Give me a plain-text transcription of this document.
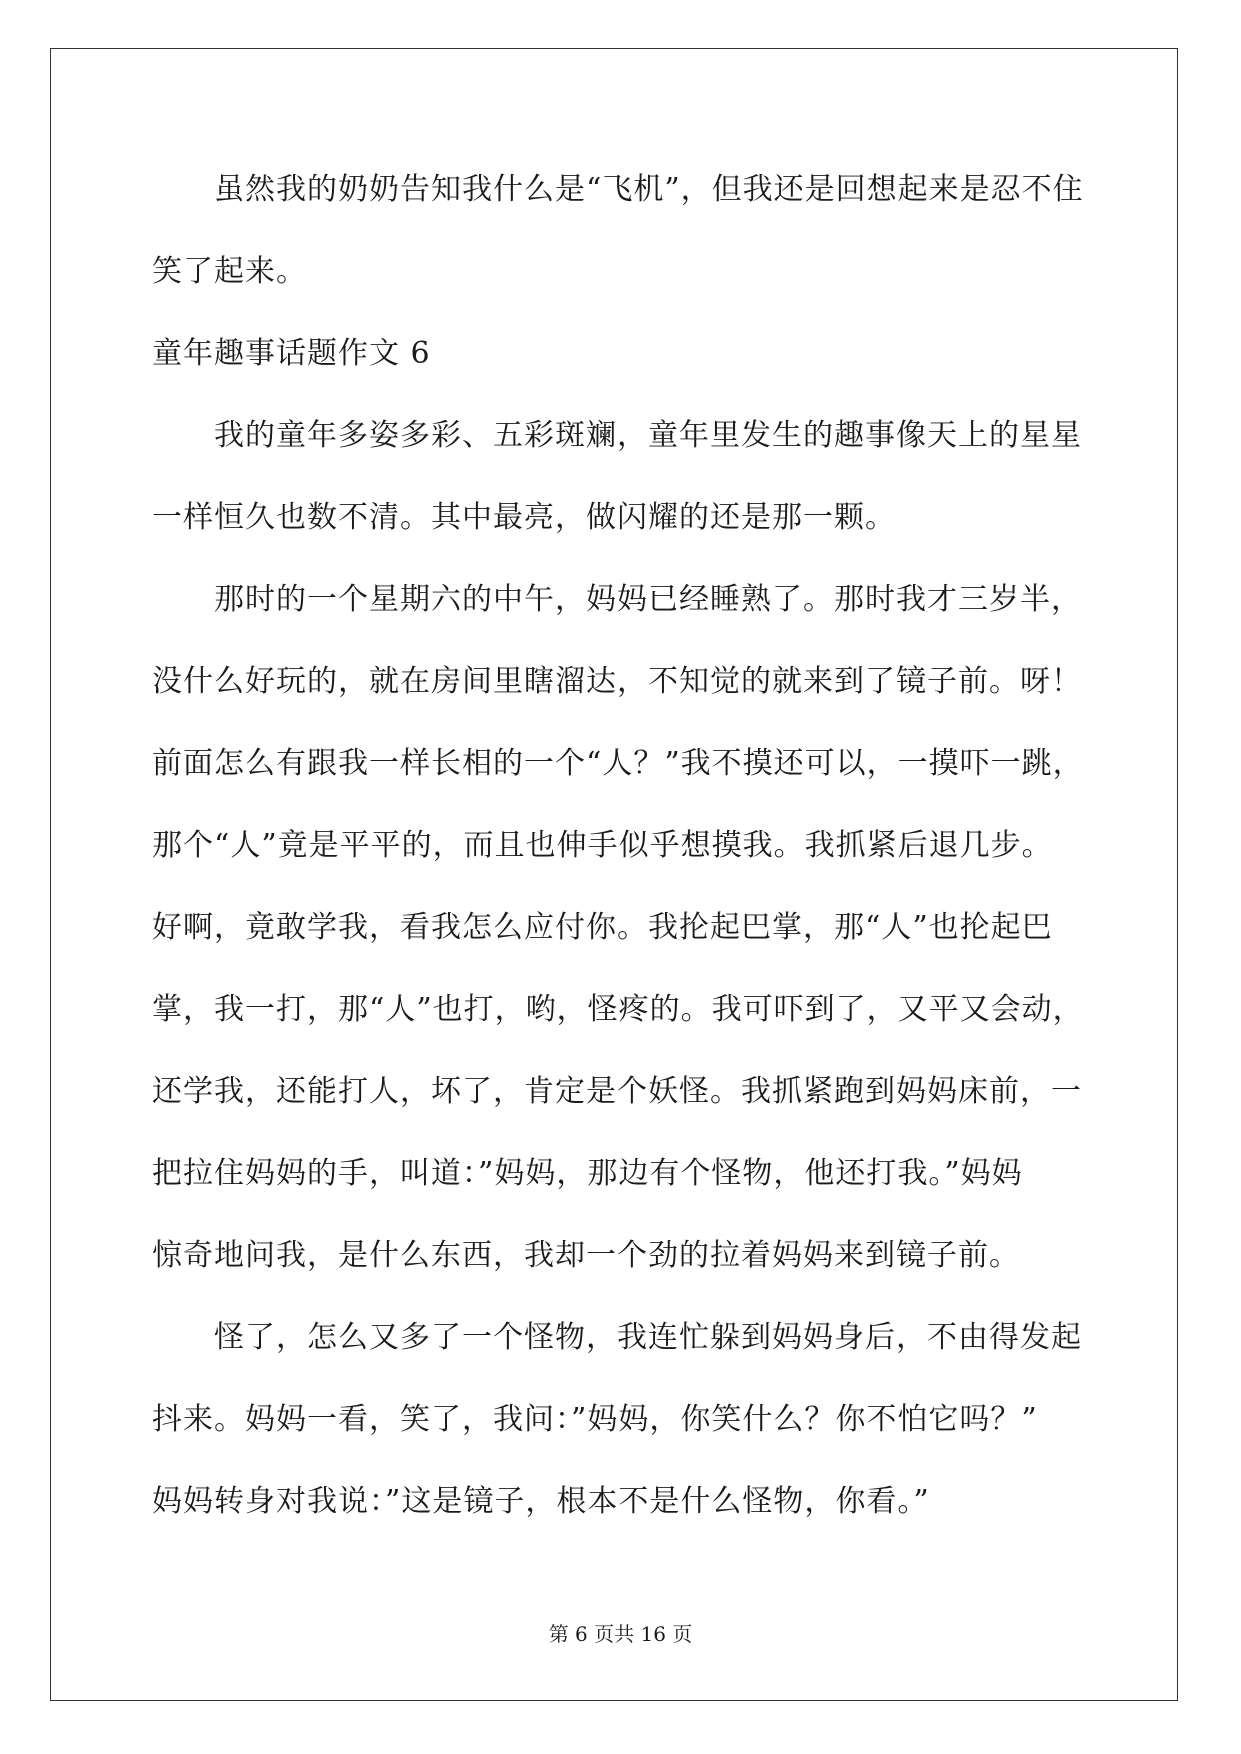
虽然我的奶奶告知我什么是“飞机”，但我还是回想起来是忍不住
笑了起来。
童年趣事话题作文 6
我的童年多姿多彩、五彩斑斓，童年里发生的趣事像天上的星星
一样恒久也数不清。其中最亮，做闪耀的还是那一颗。
那时的一个星期六的中午，妈妈已经睡熟了。那时我才三岁半，
没什么好玩的，就在房间里瞎溜达，不知觉的就来到了镜子前。呀！
前面怎么有跟我一样长相的一个“人？”我不摸还可以，一摸吓一跳，
那个“人”竟是平平的，而且也伸手似乎想摸我。我抓紧后退几步。
好啊，竟敢学我，看我怎么应付你。我抡起巴掌，那“人”也抡起巴
掌，我一打，那“人”也打，哟，怪疼的。我可吓到了，又平又会动，
还学我，还能打人，坏了，肯定是个妖怪。我抓紧跑到妈妈床前，一
把拉住妈妈的手，叫道：”妈妈，那边有个怪物，他还打我。”妈妈
惊奇地问我，是什么东西，我却一个劲的拉着妈妈来到镜子前。
怪了，怎么又多了一个怪物，我连忙躲到妈妈身后，不由得发起
抖来。妈妈一看，笑了，我问：”妈妈，你笑什么？你不怕它吗？”
妈妈转身对我说：”这是镜子，根本不是什么怪物，你看。”
第 6 页共 16 页
